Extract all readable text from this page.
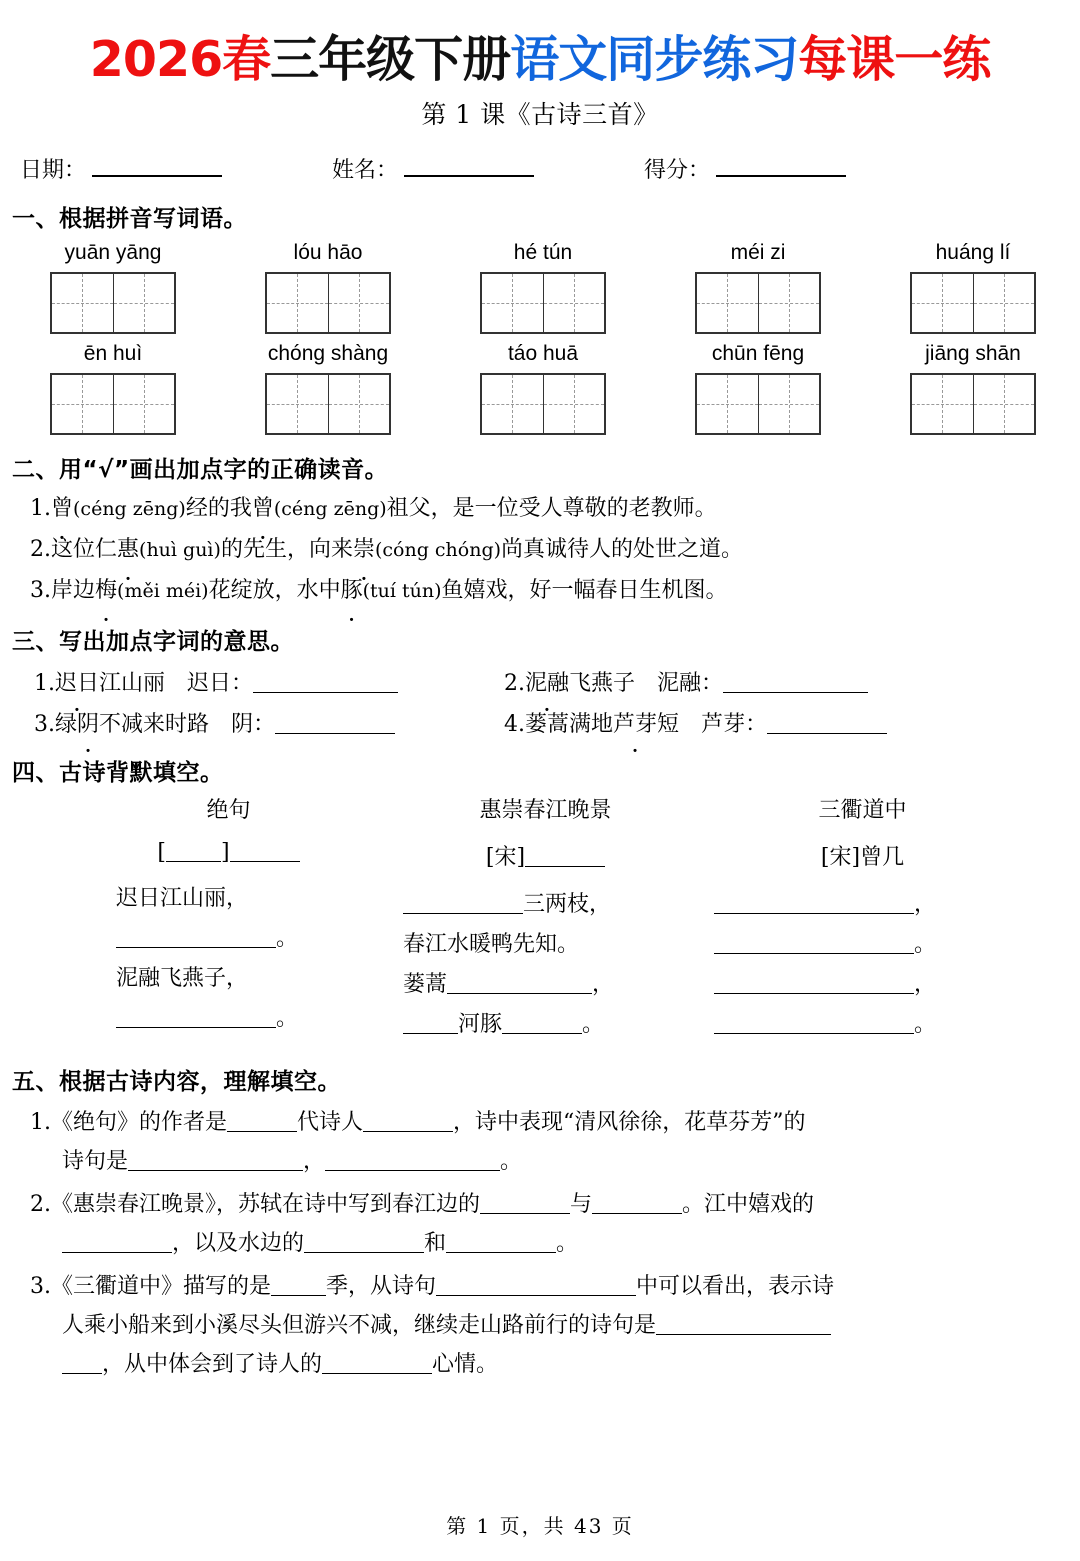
2026春三年级下册语文同步练习每课一练
第 1 课《古诗三首》
日期：	姓名：	得分：
一、根据拼音写词语。
yuān yāng	lóu hāo	hé tún	méi zi	huáng lí
ēn huì	chóng shàng	táo huā	chūn fēng	jiāng shān
二、用“√”画出加点字的正确读音。
1.曾(céng zēng)经的我曾(céng zēng)祖父，是一位受人尊敬的老教师。
2.这位仁惠(huì guì)的先生，向来崇(cóng chóng)尚真诚待人的处世之道。
3.岸边梅(měi méi)花绽放，水中豚(tuí tún)鱼嬉戏，好一幅春日生机图。
三、写出加点字词的意思。
1.迟日江山丽　 迟日：	2.泥融飞燕子　 泥融：
3.绿阴不减来时路　 阴：	4.蒌蒿满地芦芽短　 芦芽：
四、古诗背默填空。
绝句
[	]
迟日江山丽，
。
泥融飞燕子，
。
惠崇春江晚景
[宋]
三两枝，
春江水暖鸭先知。
蒌蒿	，
河豚	。
三衢道中
[宋]曾几
，
。
，
。
五、根据古诗内容，理解填空。
1.《绝句》的作者是	代诗人	，诗中表现“清风徐徐，花草芬芳”的
诗句是	，	。
2.《惠崇春江晚景》，苏轼在诗中写到春江边的	与	。江中嬉戏的
，以及水边的	和	。
3.《三衢道中》描写的是	季，从诗句	中可以看出，表示诗
人乘小船来到小溪尽头但游兴不减，继续走山路前行的诗句是
，从中体会到了诗人的	心情。
第 1 页，共 43 页
